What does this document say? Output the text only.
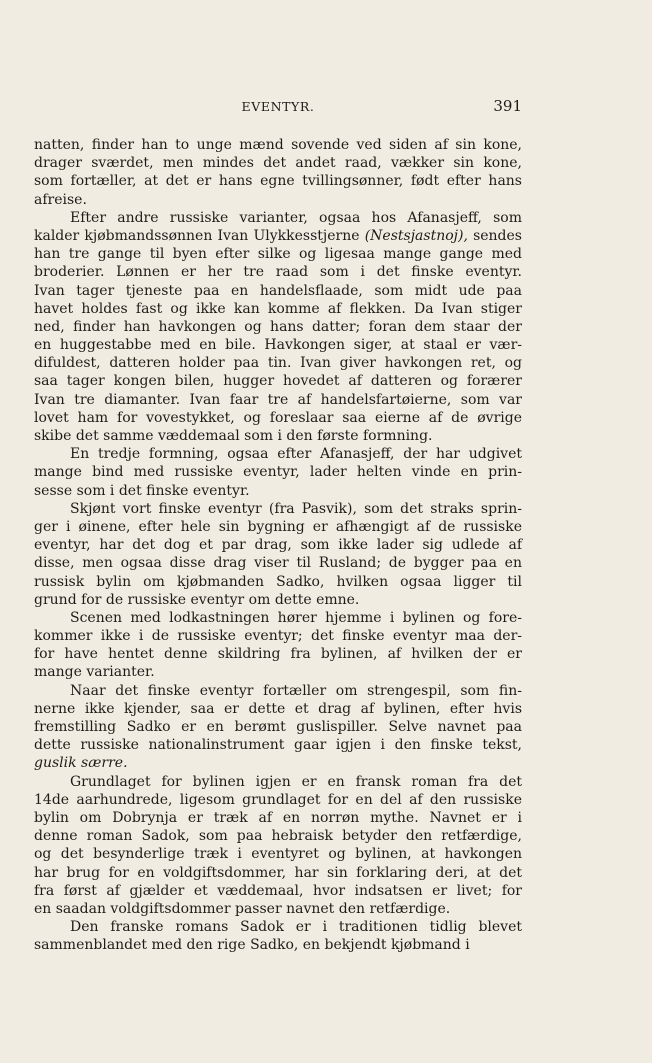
EVENTYR.	391
natten, finder han to unge mænd sovende ved siden af sin kone,
drager sværdet, men mindes det andet raad, vækker sin kone,
som fortæller, at det er hans egne tvillingsønner, født efter hans
afreise.
Efter andre russiske varianter, ogsaa hos Afanasjeff, som
kalder kjøbmandssønnen Ivan Ulykkesstjerne (Nestsjastnoj), sendes
han tre gange til byen efter silke og ligesaa mange gange med
broderier. Lønnen er her tre raad som i det finske eventyr.
Ivan tager tjeneste paa en handelsflaade, som midt ude paa
havet holdes fast og ikke kan komme af flekken. Da Ivan stiger
ned, finder han havkongen og hans datter; foran dem staar der
en huggestabbe med en bile. Havkongen siger, at staal er vær-
difuldest, datteren holder paa tin. Ivan giver havkongen ret, og
saa tager kongen bilen, hugger hovedet af datteren og forærer
Ivan tre diamanter. Ivan faar tre af handelsfartøierne, som var
lovet ham for vovestykket, og foreslaar saa eierne af de øvrige
skibe det samme væddemaal som i den første formning.
En tredje formning, ogsaa efter Afanasjeff, der har udgivet
mange bind med russiske eventyr, lader helten vinde en prin-
sesse som i det finske eventyr.
Skjønt vort finske eventyr (fra Pasvik), som det straks sprin-
ger i øinene, efter hele sin bygning er afhængigt af de russiske
eventyr, har det dog et par drag, som ikke lader sig udlede af
disse, men ogsaa disse drag viser til Rusland; de bygger paa en
russisk bylin om kjøbmanden Sadko, hvilken ogsaa ligger til
grund for de russiske eventyr om dette emne.
Scenen med lodkastningen hører hjemme i bylinen og fore-
kommer ikke i de russiske eventyr; det finske eventyr maa der-
for have hentet denne skildring fra bylinen, af hvilken der er
mange varianter.
Naar det finske eventyr fortæller om strengespil, som fin-
nerne ikke kjender, saa er dette et drag af bylinen, efter hvis
fremstilling Sadko er en berømt guslispiller. Selve navnet paa
dette russiske nationalinstrument gaar igjen i den finske tekst,
guslik særre.
Grundlaget for bylinen igjen er en fransk roman fra det
14de aarhundrede, ligesom grundlaget for en del af den russiske
bylin om Dobrynja er træk af en norrøn mythe. Navnet er i
denne roman Sadok, som paa hebraisk betyder den retfærdige,
og det besynderlige træk i eventyret og bylinen, at havkongen
har brug for en voldgiftsdommer, har sin forklaring deri, at det
fra først af gjælder et væddemaal, hvor indsatsen er livet; for
en saadan voldgiftsdommer passer navnet den retfærdige.
Den franske romans Sadok er i traditionen tidlig blevet
sammenblandet med den rige Sadko, en bekjendt kjøbmand i
